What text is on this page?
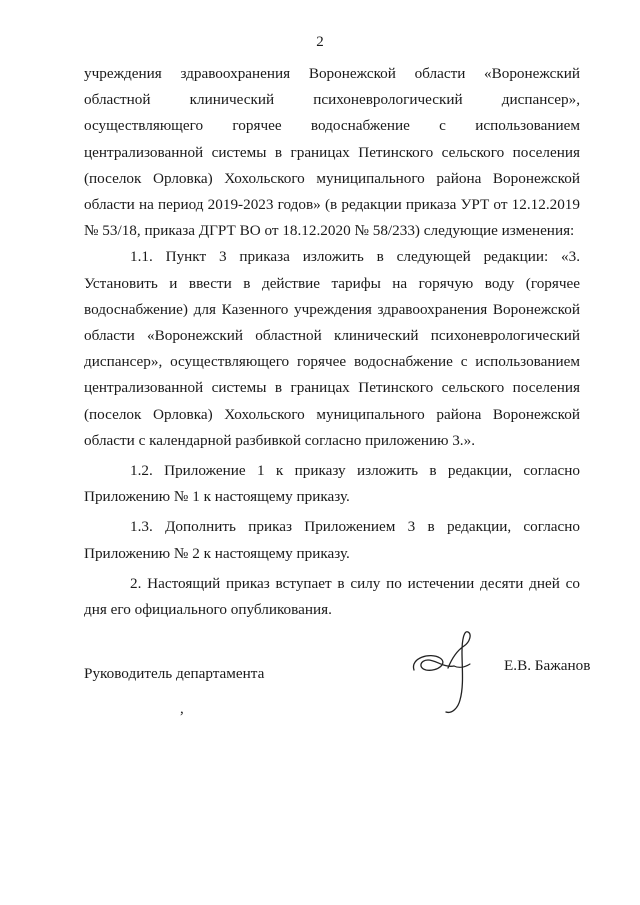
2

учреждения здравоохранения Воронежской области «Воронежский областной клинический психоневрологический диспансер», осуществляющего горячее водоснабжение с использованием централизованной системы в границах Петинского сельского поселения (поселок Орловка) Хохольского муниципального района Воронежской области на период 2019-2023 годов» (в редакции приказа УРТ от 12.12.2019 № 53/18, приказа ДГРТ ВО от 18.12.2020 № 58/233) следующие изменения:

1.1. Пункт 3 приказа изложить в следующей редакции: «3. Установить и ввести в действие тарифы на горячую воду (горячее водоснабжение) для Казенного учреждения здравоохранения Воронежской области «Воронежский областной клинический психоневрологический диспансер», осуществляющего горячее водоснабжение с использованием централизованной системы в границах Петинского сельского поселения (поселок Орловка) Хохольского муниципального района Воронежской области с календарной разбивкой согласно приложению 3.».

1.2. Приложение 1 к приказу изложить в редакции, согласно Приложению № 1 к настоящему приказу.

1.3. Дополнить приказ Приложением 3 в редакции, согласно Приложению № 2 к настоящему приказу.

2. Настоящий приказ вступает в силу по истечении десяти дней со дня его официального опубликования.

Руководитель департамента	Е.В. Бажанов
,
